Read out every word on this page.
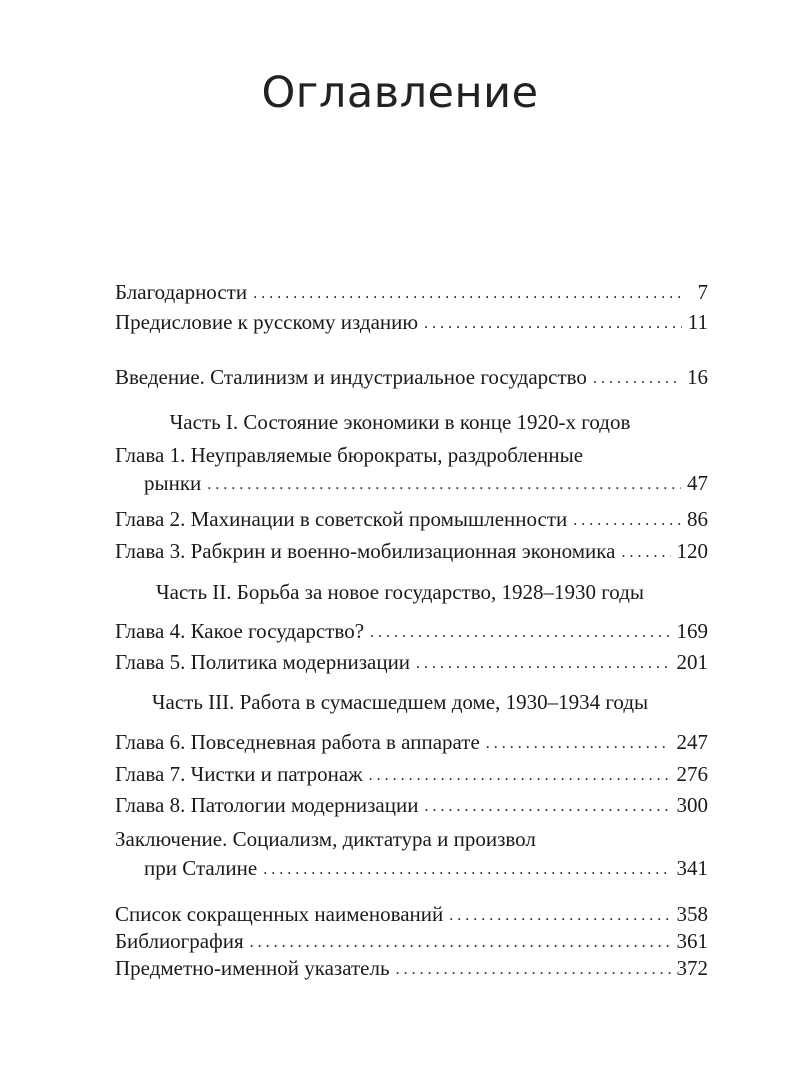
Оглавление
Благодарности . . .	7
Предисловие к русскому изданию . . .	11
Введение. Сталинизм и индустриальное государство . . .	16
Часть I. Состояние экономики в конце 1920-х годов
Глава 1. Неуправляемые бюрократы, раздробленные
рынки . . .	47
Глава 2. Махинации в советской промышленности . . .	86
Глава 3. Рабкрин и военно-мобилизационная экономика . . .	120
Часть II. Борьба за новое государство, 1928–1930 годы
Глава 4. Какое государство? . . .	169
Глава 5. Политика модернизации . . .	201
Часть III. Работа в сумасшедшем доме, 1930–1934 годы
Глава 6. Повседневная работа в аппарате . . .	247
Глава 7. Чистки и патронаж . . .	276
Глава 8. Патологии модернизации . . .	300
Заключение. Социализм, диктатура и произвол
при Сталине . . .	341
Список сокращенных наименований . . .	358
Библиография . . .	361
Предметно-именной указатель . . .	372
